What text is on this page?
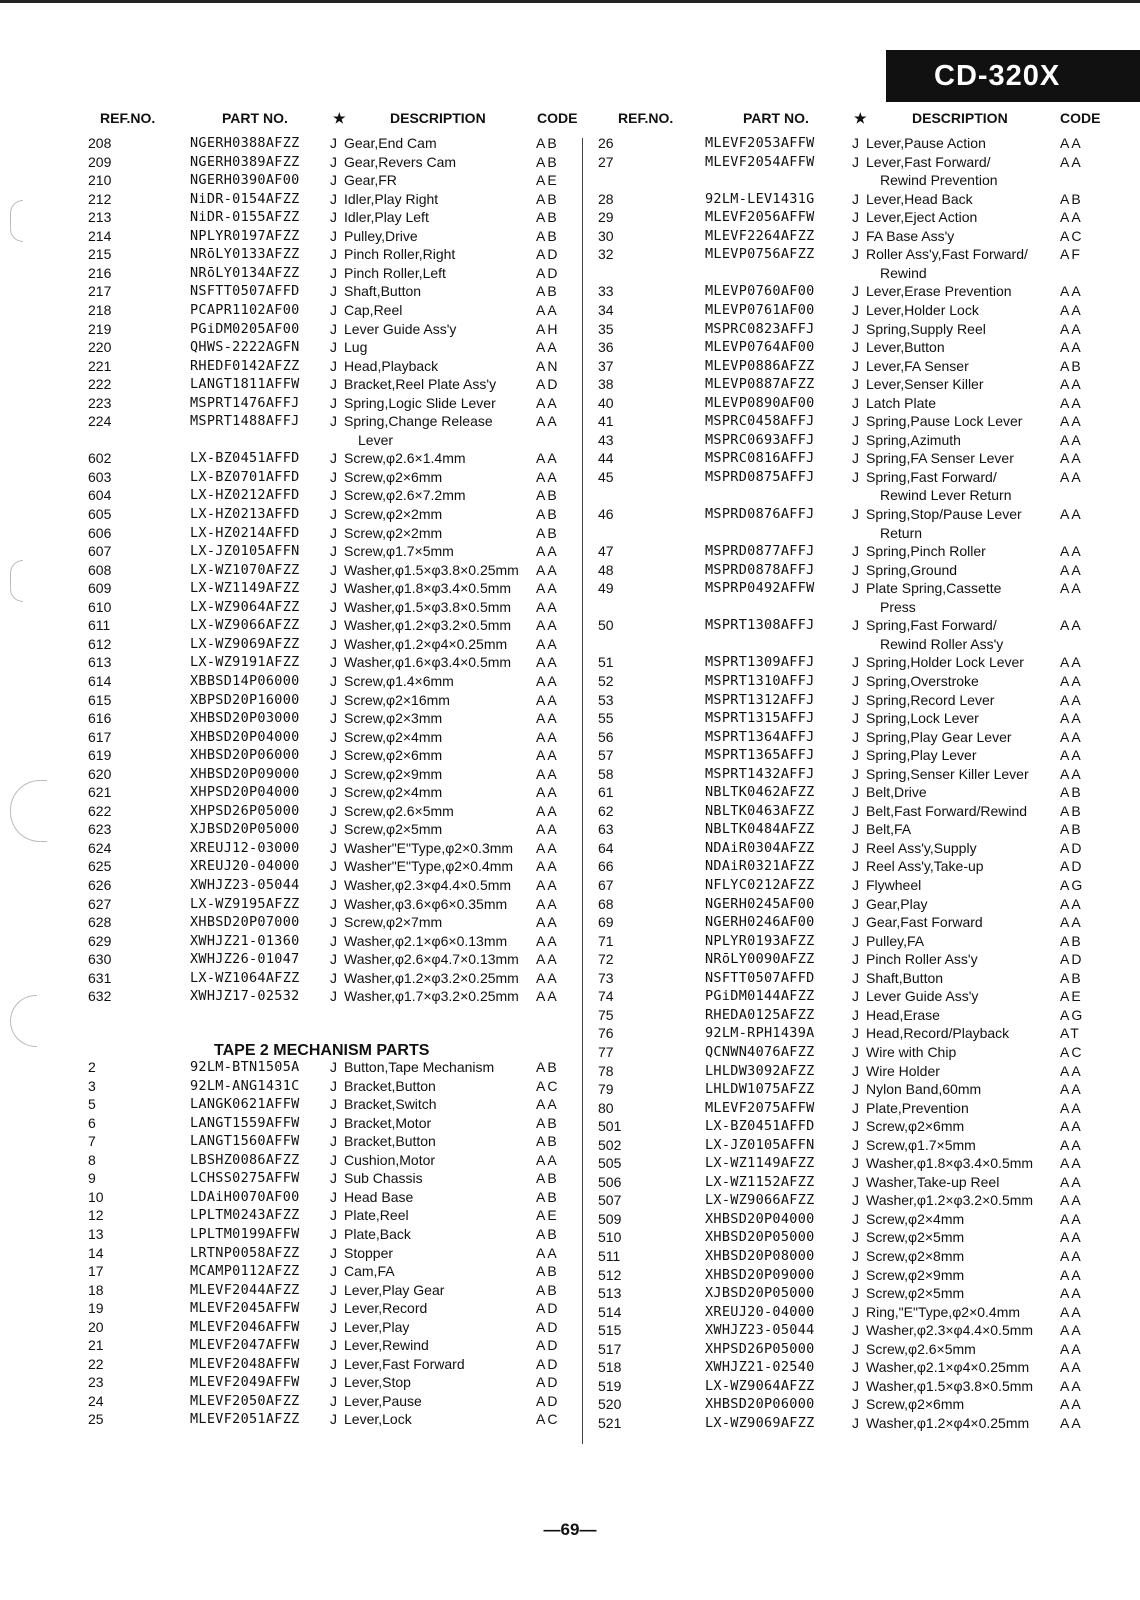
CD-320X
REF.NO.	PART NO.	★	DESCRIPTION	CODE	REF.NO.	PART NO.	★	DESCRIPTION	CODE
208	NGERH0388AFZZ J Gear,End Cam	AB
209	NGERH0389AFZZ J Gear,Revers Cam	AB
210	NGERH0390AF00 J Gear,FR	AE
212	NiDR-0154AFZZ J Idler,Play Right	AB
213	NiDR-0155AFZZ J Idler,Play Left	AB
214	NPLYR0197AFZZ J Pulley,Drive	AB
215	NRōLY0133AFZZ J Pinch Roller,Right	AD
216	NRōLY0134AFZZ J Pinch Roller,Left	AD
217	NSFTT0507AFFD J Shaft,Button	AB
218	PCAPR1102AF00 J Cap,Reel	AA
219	PGiDM0205AF00 J Lever Guide Ass'y	AH
220	QHWS-2222AGFN J Lug	AA
221	RHEDF0142AFZZ J Head,Playback	AN
222	LANGT1811AFFW J Bracket,Reel Plate Ass'y	AD
223	MSPRT1476AFFJ J Spring,Logic Slide Lever	AA
224	MSPRT1488AFFJ J Spring,Change Release	AA
Lever
602	LX-BZ0451AFFD J Screw,φ2.6×1.4mm	AA
603	LX-BZ0701AFFD J Screw,φ2×6mm	AA
604	LX-HZ0212AFFD J Screw,φ2.6×7.2mm	AB
605	LX-HZ0213AFFD J Screw,φ2×2mm	AB
606	LX-HZ0214AFFD J Screw,φ2×2mm	AB
607	LX-JZ0105AFFN J Screw,φ1.7×5mm	AA
608	LX-WZ1070AFZZ J Washer,φ1.5×φ3.8×0.25mm AA
609	LX-WZ1149AFZZ J Washer,φ1.8×φ3.4×0.5mm AA
610	LX-WZ9064AFZZ J Washer,φ1.5×φ3.8×0.5mm AA
611	LX-WZ9066AFZZ J Washer,φ1.2×φ3.2×0.5mm AA
612	LX-WZ9069AFZZ J Washer,φ1.2×φ4×0.25mm AA
613	LX-WZ9191AFZZ J Washer,φ1.6×φ3.4×0.5mm AA
614	XBBSD14P06000 J Screw,φ1.4×6mm	AA
615	XBPSD20P16000 J Screw,φ2×16mm	AA
616	XHBSD20P03000 J Screw,φ2×3mm	AA
617	XHBSD20P04000 J Screw,φ2×4mm	AA
619	XHBSD20P06000 J Screw,φ2×6mm	AA
620	XHBSD20P09000 J Screw,φ2×9mm	AA
621	XHPSD20P04000 J Screw,φ2×4mm	AA
622	XHPSD26P05000 J Screw,φ2.6×5mm	AA
623	XJBSD20P05000 J Screw,φ2×5mm	AA
624	XREUJ12-03000 J Washer"E"Type,φ2×0.3mm AA
625	XREUJ20-04000 J Washer"E"Type,φ2×0.4mm AA
626	XWHJZ23-05044 J Washer,φ2.3×φ4.4×0.5mm AA
627	LX-WZ9195AFZZ J Washer,φ3.6×φ6×0.35mm AA
628	XHBSD20P07000 J Screw,φ2×7mm	AA
629	XWHJZ21-01360 J Washer,φ2.1×φ6×0.13mm AA
630	XWHJZ26-01047 J Washer,φ2.6×φ4.7×0.13mm AA
631	LX-WZ1064AFZZ J Washer,φ1.2×φ3.2×0.25mm AA
632	XWHJZ17-02532 J Washer,φ1.7×φ3.2×0.25mm AA
TAPE 2 MECHANISM PARTS
2	92LM-BTN1505A J Button,Tape Mechanism	AB
3	92LM-ANG1431C J Bracket,Button	AC
5	LANGK0621AFFW J Bracket,Switch	AA
6	LANGT1559AFFW J Bracket,Motor	AB
7	LANGT1560AFFW J Bracket,Button	AB
8	LBSHZ0086AFZZ J Cushion,Motor	AA
9	LCHSS0275AFFW J Sub Chassis	AB
10	LDAiH0070AF00 J Head Base	AB
12	LPLTM0243AFZZ J Plate,Reel	AE
13	LPLTM0199AFFW J Plate,Back	AB
14	LRTNP0058AFZZ J Stopper	AA
17	MCAMP0112AFZZ J Cam,FA	AB
18	MLEVF2044AFZZ J Lever,Play Gear	AB
19	MLEVF2045AFFW J Lever,Record	AD
20	MLEVF2046AFFW J Lever,Play	AD
21	MLEVF2047AFFW J Lever,Rewind	AD
22	MLEVF2048AFFW J Lever,Fast Forward	AD
23	MLEVF2049AFFW J Lever,Stop	AD
24	MLEVF2050AFZZ J Lever,Pause	AD
25	MLEVF2051AFZZ J Lever,Lock	AC
26	MLEVF2053AFFW	J Lever,Pause Action	AA
27	MLEVF2054AFFW	J Lever,Fast Forward/	AA
Rewind Prevention
28	92LM-LEV1431G	J Lever,Head Back	AB
29	MLEVF2056AFFW	J Lever,Eject Action	AA
30	MLEVF2264AFZZ	J FA Base Ass'y	AC
32	MLEVP0756AFZZ	J Roller Ass'y,Fast Forward/ AF
Rewind
33	MLEVP0760AF00	J Lever,Erase Prevention	AA
34	MLEVP0761AF00	J Lever,Holder Lock	AA
35	MSPRC0823AFFJ	J Spring,Supply Reel	AA
36	MLEVP0764AF00	J Lever,Button	AA
37	MLEVP0886AFZZ	J Lever,FA Senser	AB
38	MLEVP0887AFZZ	J Lever,Senser Killer	AA
40	MLEVP0890AF00	J Latch Plate	AA
41	MSPRC0458AFFJ	J Spring,Pause Lock Lever	AA
43	MSPRC0693AFFJ	J Spring,Azimuth	AA
44	MSPRC0816AFFJ	J Spring,FA Senser Lever	AA
45	MSPRD0875AFFJ	J Spring,Fast Forward/	AA
Rewind Lever Return
46	MSPRD0876AFFJ	J Spring,Stop/Pause Lever	AA
Return
47	MSPRD0877AFFJ	J Spring,Pinch Roller	AA
48	MSPRD0878AFFJ	J Spring,Ground	AA
49	MSPRP0492AFFW	J Plate Spring,Cassette	AA
Press
50	MSPRT1308AFFJ	J Spring,Fast Forward/	AA
Rewind Roller Ass'y
51	MSPRT1309AFFJ	J Spring,Holder Lock Lever	AA
52	MSPRT1310AFFJ	J Spring,Overstroke	AA
53	MSPRT1312AFFJ	J Spring,Record Lever	AA
55	MSPRT1315AFFJ	J Spring,Lock Lever	AA
56	MSPRT1364AFFJ	J Spring,Play Gear Lever	AA
57	MSPRT1365AFFJ	J Spring,Play Lever	AA
58	MSPRT1432AFFJ	J Spring,Senser Killer Lever AA
61	NBLTK0462AFZZ	J Belt,Drive	AB
62	NBLTK0463AFZZ	J Belt,Fast Forward/Rewind AB
63	NBLTK0484AFZZ	J Belt,FA	AB
64	NDAiR0304AFZZ	J Reel Ass'y,Supply	AD
66	NDAiR0321AFZZ	J Reel Ass'y,Take-up	AD
67	NFLYC0212AFZZ	J Flywheel	AG
68	NGERH0245AF00	J Gear,Play	AA
69	NGERH0246AF00	J Gear,Fast Forward	AA
71	NPLYR0193AFZZ	J Pulley,FA	AB
72	NRōLY0090AFZZ	J Pinch Roller Ass'y	AD
73	NSFTT0507AFFD	J Shaft,Button	AB
74	PGiDM0144AFZZ	J Lever Guide Ass'y	AE
75	RHEDA0125AFZZ	J Head,Erase	AG
76	92LM-RPH1439A	J Head,Record/Playback	AT
77	QCNWN4076AFZZ	J Wire with Chip	AC
78	LHLDW3092AFZZ	J Wire Holder	AA
79	LHLDW1075AFZZ	J Nylon Band,60mm	AA
80	MLEVF2075AFFW	J Plate,Prevention	AA
501	LX-BZ0451AFFD	J Screw,φ2×6mm	AA
502	LX-JZ0105AFFN	J Screw,φ1.7×5mm	AA
505	LX-WZ1149AFZZ	J Washer,φ1.8×φ3.4×0.5mm AA
506	LX-WZ1152AFZZ	J Washer,Take-up Reel	AA
507	LX-WZ9066AFZZ	J Washer,φ1.2×φ3.2×0.5mm AA
509	XHBSD20P04000	J Screw,φ2×4mm	AA
510	XHBSD20P05000	J Screw,φ2×5mm	AA
511	XHBSD20P08000	J Screw,φ2×8mm	AA
512	XHBSD20P09000	J Screw,φ2×9mm	AA
513	XJBSD20P05000	J Screw,φ2×5mm	AA
514	XREUJ20-04000	J Ring,"E"Type,φ2×0.4mm	AA
515	XWHJZ23-05044	J Washer,φ2.3×φ4.4×0.5mm AA
517	XHPSD26P05000	J Screw,φ2.6×5mm	AA
518	XWHJZ21-02540	J Washer,φ2.1×φ4×0.25mm AA
519	LX-WZ9064AFZZ	J Washer,φ1.5×φ3.8×0.5mm AA
520	XHBSD20P06000	J Screw,φ2×6mm	AA
521	LX-WZ9069AFZZ	J Washer,φ1.2×φ4×0.25mm AA
—69—
